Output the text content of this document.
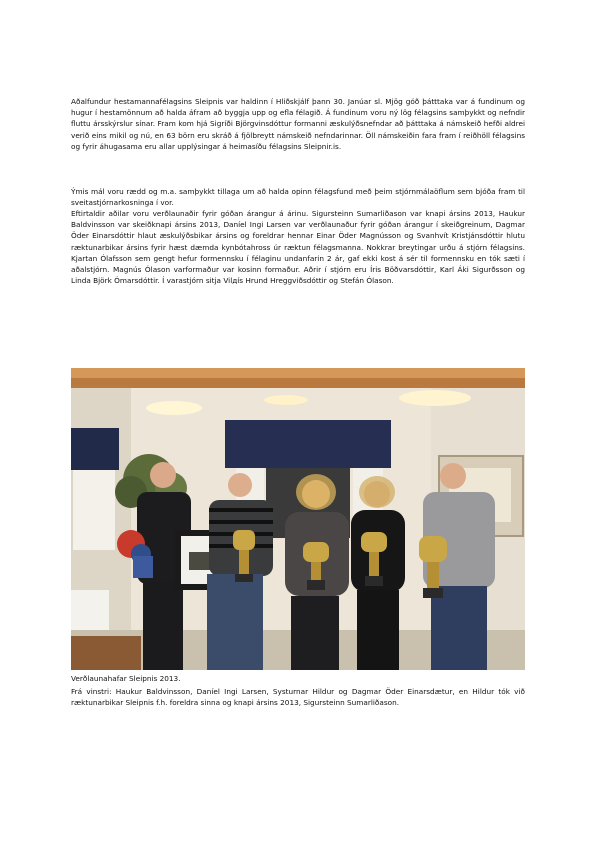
Aðalfundur hestamannafélagsins Sleipnis var haldinn í Hliðskjálf þann 30. Janúar sl. Mjög góð þátttaka var á fundinum og hugur í hestamönnum að halda áfram að byggja upp og efla félagið. Á fundinum voru ný lög félagsins samþykkt og nefndir fluttu ársskýrslur sínar. Fram kom hjá Sigríði Björgvinsdóttur formanni æskulýðsnefndar að þátttaka á námskeið hefði aldrei verið eins mikil og nú, en 63 börn eru skráð á fjölbreytt námskeið nefndarinnar. Öll námskeiðin fara fram í reiðhöll félagsins og fyrir áhugasama eru allar upplýsingar á heimasíðu félagsins Sleipnir.is.

Ýmis mál voru rædd og m.a. samþykkt tillaga um að halda opinn félagsfund með þeim stjórnmálaöflum sem bjóða fram til sveitastjórnarkosninga í vor.

Eftirtaldir aðilar voru verðlaunaðir fyrir góðan árangur á árinu. Sigursteinn Sumarliðason var knapi ársins 2013, Haukur Baldvinsson var skeiðknapi ársins 2013, Daníel Ingi Larsen var verðlaunaður fyrir góðan árangur í skeiðgreinum, Dagmar Öder Einarsdóttir hlaut æskulýðsbikar ársins og foreldrar hennar Einar Öder Magnússon og Svanhvít Kristjánsdóttir hlutu ræktunarbikar ársins fyrir hæst dæmda kynbótahross úr ræktun félagsmanna. Nokkrar breytingar urðu á stjórn félagsins. Kjartan Ólafsson sem gengt hefur formennsku í félaginu undanfarin 2 ár, gaf ekki kost á sér til formennsku en tók sæti í aðalstjórn. Magnús Ólason varformaður var kosinn formaður. Aðrir í stjórn eru Íris Böðvarsdóttir, Karl Áki Sigurðsson og Linda Björk Ómarsdóttir. Í varastjórn sitja Vilдís Hrund Hreggviðsdóttir og Stefán Ólason.

Verðlaunahafar Sleipnis 2013.

Frá vinstri: Haukur Baldvinsson, Daníel Ingi Larsen, Systurnar Hildur og Dagmar Öder Einarsdætur, en Hildur tók við ræktunarbikar Sleipnis f.h. foreldra sinna og knapi ársins 2013, Sigursteinn Sumarliðason.
